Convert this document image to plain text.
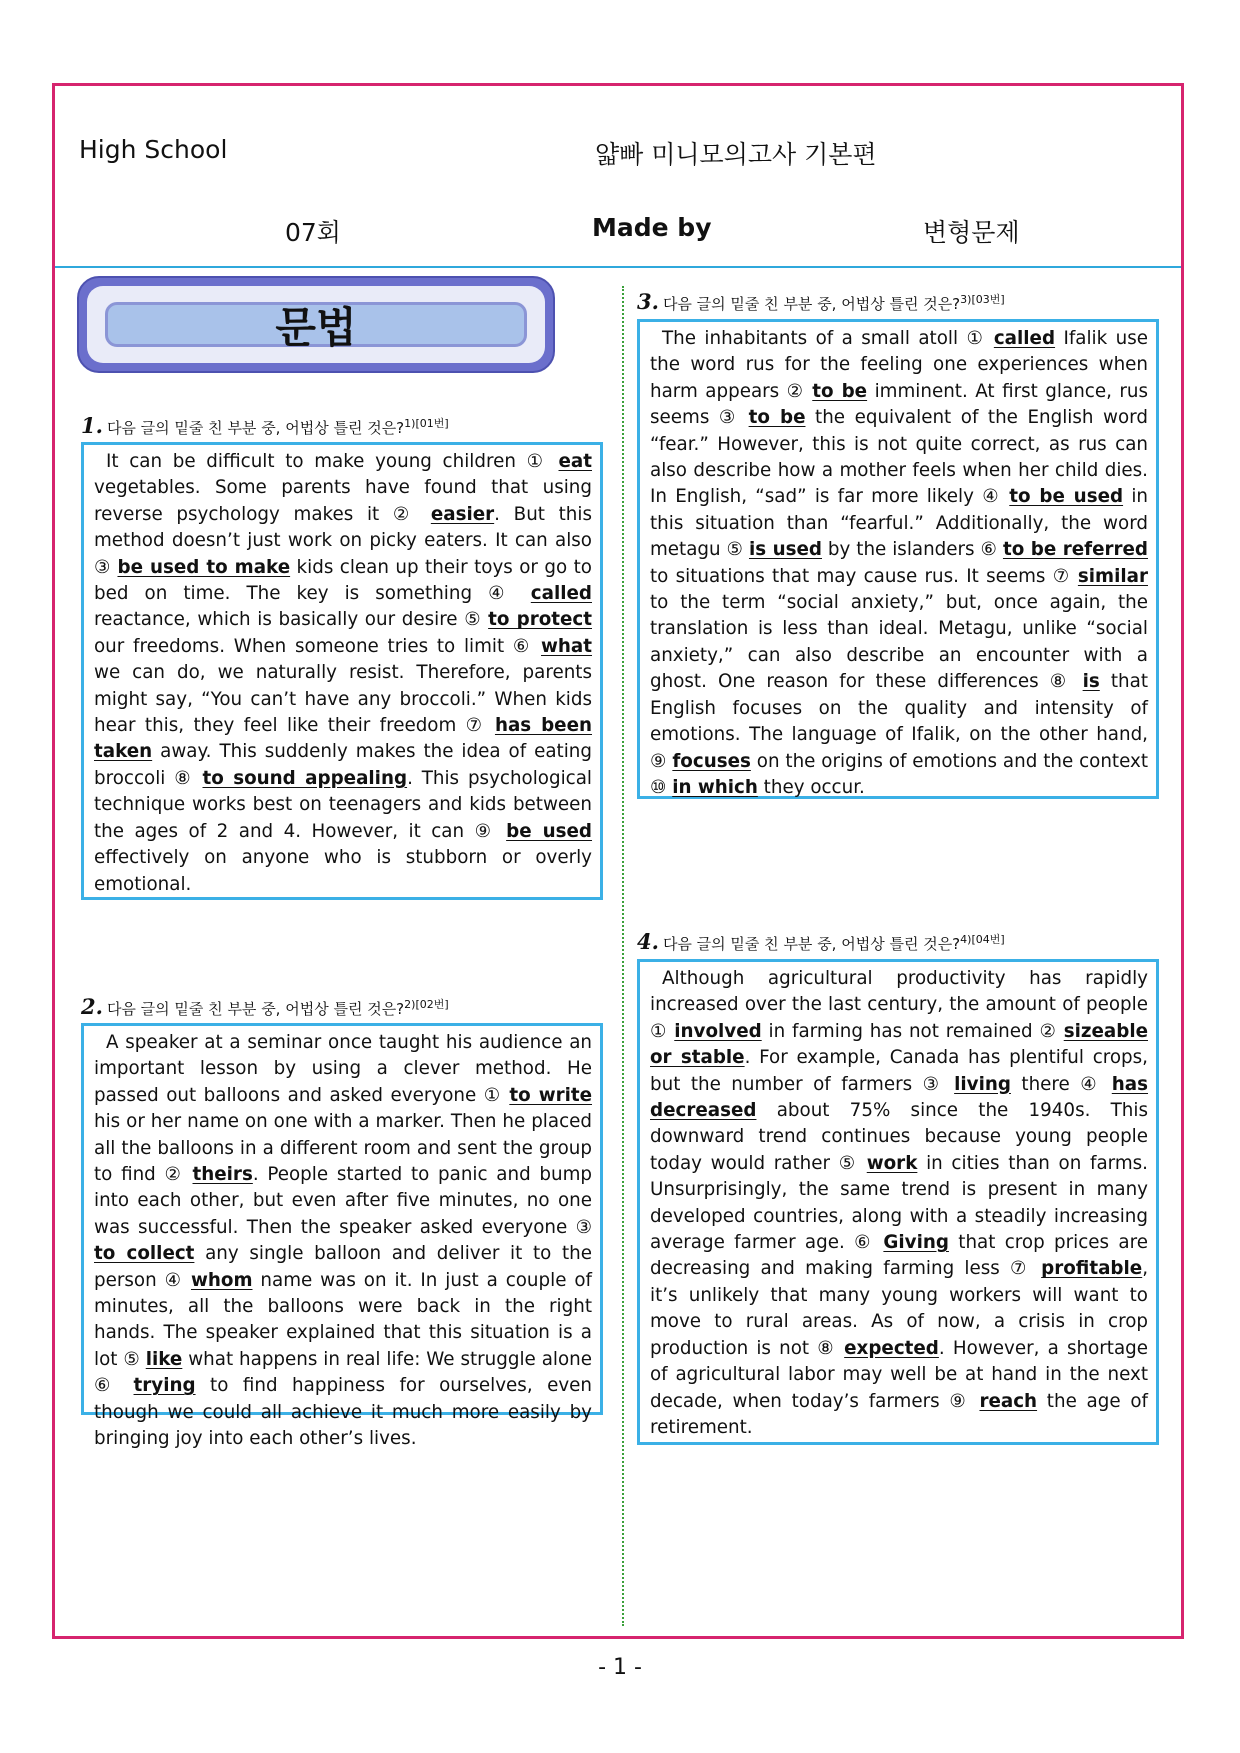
High School	얇빠 미니모의고사 기본편
07회	Made by	변형문제
문법
1. 다음 글의 밑줄 친 부분 중, 어법상 틀린 것은?$^{1)[01번]}$

It can be difficult to make young children ① eat vegetables. Some parents have found that using reverse psychology makes it ② easier. But this method doesn’t just work on picky eaters. It can also ③ be used to make kids clean up their toys or go to bed on time. The key is something ④ called reactance, which is basically our desire ⑤ to protect our freedoms. When someone tries to limit ⑥ what we can do, we naturally resist. Therefore, parents might say, “You can’t have any broccoli.” When kids hear this, they feel like their freedom ⑦ has been taken away. This suddenly makes the idea of eating broccoli ⑧ to sound appealing. This psychological technique works best on teenagers and kids between the ages of 2 and 4. However, it can ⑨ be used effectively on anyone who is stubborn or overly emotional.

2. 다음 글의 밑줄 친 부분 중, 어법상 틀린 것은?$^{2)[02번]}$

A speaker at a seminar once taught his audience an important lesson by using a clever method. He passed out balloons and asked everyone ① to write his or her name on one with a marker. Then he placed all the balloons in a different room and sent the group to find ② theirs. People started to panic and bump into each other, but even after five minutes, no one was successful. Then the speaker asked everyone ③ to collect any single balloon and deliver it to the person ④ whom name was on it. In just a couple of minutes, all the balloons were back in the right hands. The speaker explained that this situation is a lot ⑤ like what happens in real life: We struggle alone ⑥ trying to find happiness for ourselves, even though we could all achieve it much more easily by bringing joy into each other’s lives.

3. 다음 글의 밑줄 친 부분 중, 어법상 틀린 것은?$^{3)[03번]}$

The inhabitants of a small atoll ① called Ifalik use the word rus for the feeling one experiences when harm appears ② to be imminent. At first glance, rus seems ③ to be the equivalent of the English word “fear.” However, this is not quite correct, as rus can also describe how a mother feels when her child dies. In English, “sad” is far more likely ④ to be used in this situation than “fearful.” Additionally, the word metagu ⑤ is used by the islanders ⑥ to be referred to situations that may cause rus. It seems ⑦ similar to the term “social anxiety,” but, once again, the translation is less than ideal. Metagu, unlike “social anxiety,” can also describe an encounter with a ghost. One reason for these differences ⑧ is that English focuses on the quality and intensity of emotions. The language of Ifalik, on the other hand, ⑨ focuses on the origins of emotions and the context ⑩ in which they occur.

4. 다음 글의 밑줄 친 부분 중, 어법상 틀린 것은?$^{4)[04번]}$

Although agricultural productivity has rapidly increased over the last century, the amount of people ① involved in farming has not remained ② sizeable or stable. For example, Canada has plentiful crops, but the number of farmers ③ living there ④ has decreased about 75% since the 1940s. This downward trend continues because young people today would rather ⑤ work in cities than on farms. Unsurprisingly, the same trend is present in many developed countries, along with a steadily increasing average farmer age. ⑥ Giving that crop prices are decreasing and making farming less ⑦ profitable, it’s unlikely that many young workers will want to move to rural areas. As of now, a crisis in crop production is not ⑧ expected. However, a shortage of agricultural labor may well be at hand in the next decade, when today’s farmers ⑨ reach the age of retirement.

- 1 -
